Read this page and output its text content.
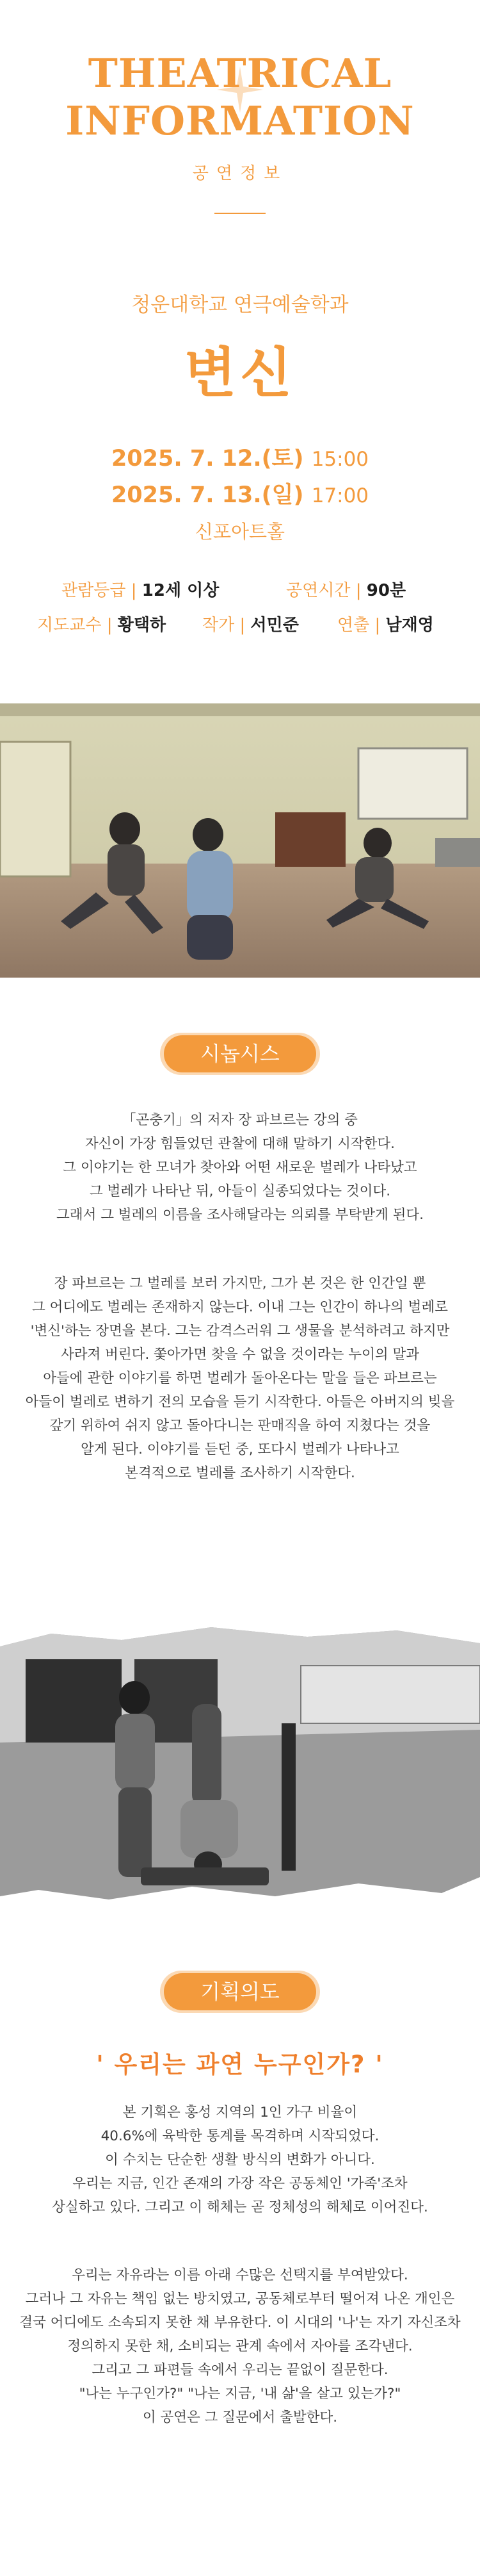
THEATRICAL
INFORMATION
공연정보
청운대학교 연극예술학과
변신
2025. 7. 12.(토) 15:00
2025. 7. 13.(일) 17:00
신포아트홀
관람등급 | 12세 이상	공연시간 | 90분
지도교수 | 황택하 작가 | 서민준 연출 | 남재영
시놉시스
「곤충기」의 저자 장 파브르는 강의 중
자신이 가장 힘들었던 관찰에 대해 말하기 시작한다.
그 이야기는 한 모녀가 찾아와 어떤 새로운 벌레가 나타났고
그 벌레가 나타난 뒤, 아들이 실종되었다는 것이다.
그래서 그 벌레의 이름을 조사해달라는 의뢰를 부탁받게 된다.
장 파브르는 그 벌레를 보러 가지만, 그가 본 것은 한 인간일 뿐
그 어디에도 벌레는 존재하지 않는다. 이내 그는 인간이 하나의 벌레로
'변신'하는 장면을 본다. 그는 감격스러워 그 생물을 분석하려고 하지만
사라져 버린다. 쫓아가면 찾을 수 없을 것이라는 누이의 말과
아들에 관한 이야기를 하면 벌레가 돌아온다는 말을 들은 파브르는
아들이 벌레로 변하기 전의 모습을 듣기 시작한다. 아들은 아버지의 빚을
갚기 위하여 쉬지 않고 돌아다니는 판매직을 하여 지쳤다는 것을
알게 된다. 이야기를 듣던 중, 또다시 벌레가 나타나고
본격적으로 벌레를 조사하기 시작한다.
기획의도
' 우리는 과연 누구인가? '
본 기획은 홍성 지역의 1인 가구 비율이
40.6%에 육박한 통계를 목격하며 시작되었다.
이 수치는 단순한 생활 방식의 변화가 아니다.
우리는 지금, 인간 존재의 가장 작은 공동체인 '가족'조차
상실하고 있다. 그리고 이 해체는 곧 정체성의 해체로 이어진다.
우리는 자유라는 이름 아래 수많은 선택지를 부여받았다.
그러나 그 자유는 책임 없는 방치였고, 공동체로부터 떨어져 나온 개인은
결국 어디에도 소속되지 못한 채 부유한다. 이 시대의 '나'는 자기 자신조차
정의하지 못한 채, 소비되는 관계 속에서 자아를 조각낸다.
그리고 그 파편들 속에서 우리는 끝없이 질문한다.
"나는 누구인가?" "나는 지금, '내 삶'을 살고 있는가?"
이 공연은 그 질문에서 출발한다.
